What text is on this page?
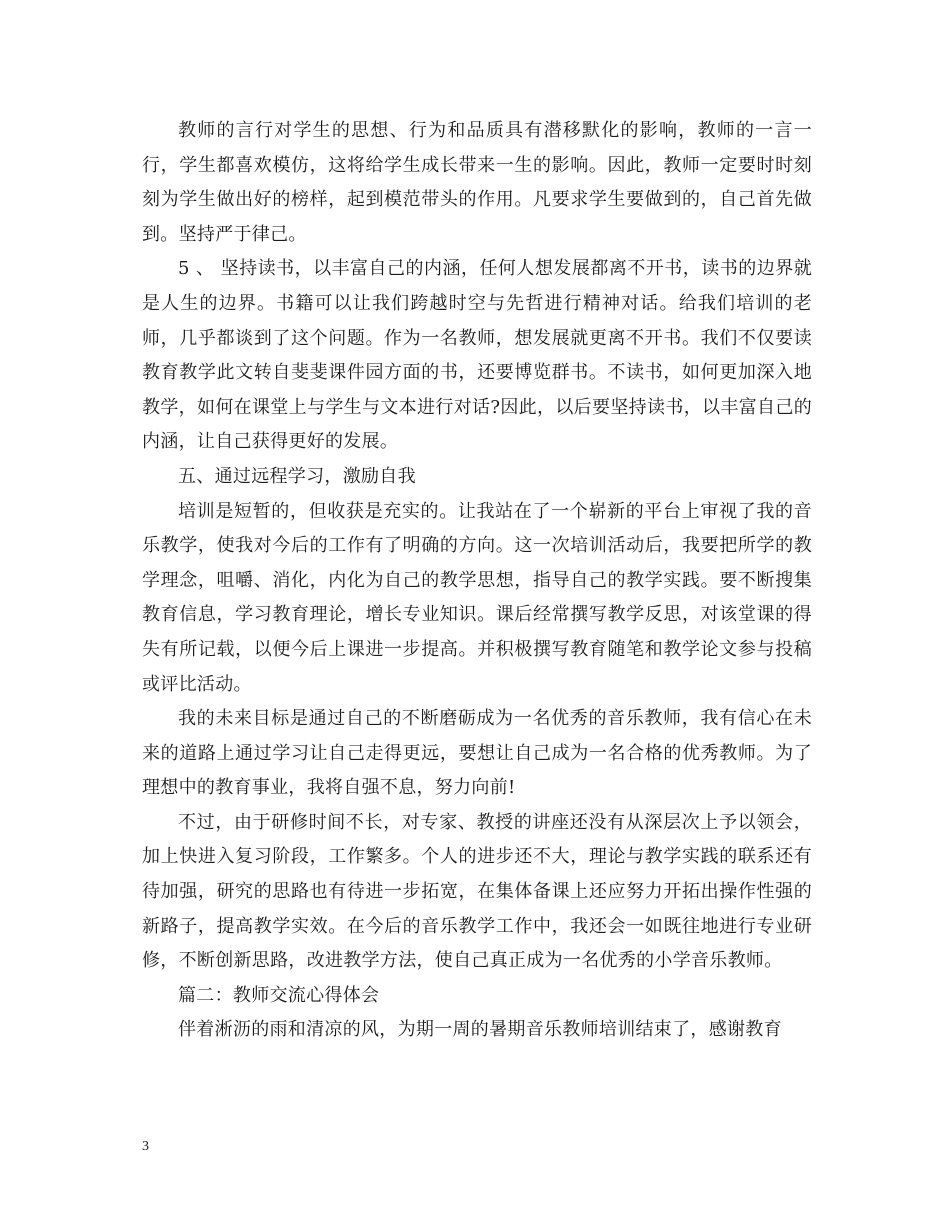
教师的言行对学生的思想、行为和品质具有潜移默化的影响，教师的一言一行，学生都喜欢模仿，这将给学生成长带来一生的影响。因此，教师一定要时时刻刻为学生做出好的榜样，起到模范带头的作用。凡要求学生要做到的，自己首先做到。坚持严于律己。

5 、 坚持读书，以丰富自己的内涵，任何人想发展都离不开书，读书的边界就是人生的边界。书籍可以让我们跨越时空与先哲进行精神对话。给我们培训的老师，几乎都谈到了这个问题。作为一名教师，想发展就更离不开书。我们不仅要读教育教学此文转自斐斐课件园方面的书，还要博览群书。不读书，如何更加深入地教学，如何在课堂上与学生与文本进行对话?因此，以后要坚持读书，以丰富自己的内涵，让自己获得更好的发展。

五、通过远程学习，激励自我

培训是短暂的，但收获是充实的。让我站在了一个崭新的平台上审视了我的音乐教学，使我对今后的工作有了明确的方向。这一次培训活动后，我要把所学的教学理念，咀嚼、消化，内化为自己的教学思想，指导自己的教学实践。要不断搜集教育信息，学习教育理论，增长专业知识。课后经常撰写教学反思，对该堂课的得失有所记载，以便今后上课进一步提高。并积极撰写教育随笔和教学论文参与投稿或评比活动。

我的未来目标是通过自己的不断磨砺成为一名优秀的音乐教师，我有信心在未来的道路上通过学习让自己走得更远，要想让自己成为一名合格的优秀教师。为了理想中的教育事业，我将自强不息，努力向前!

不过，由于研修时间不长，对专家、教授的讲座还没有从深层次上予以领会，加上快进入复习阶段，工作繁多。个人的进步还不大，理论与教学实践的联系还有待加强，研究的思路也有待进一步拓宽，在集体备课上还应努力开拓出操作性强的新路子，提高教学实效。在今后的音乐教学工作中，我还会一如既往地进行专业研修，不断创新思路，改进教学方法，使自己真正成为一名优秀的小学音乐教师。

篇二：教师交流心得体会

伴着淅沥的雨和清凉的风，为期一周的暑期音乐教师培训结束了，感谢教育

3
